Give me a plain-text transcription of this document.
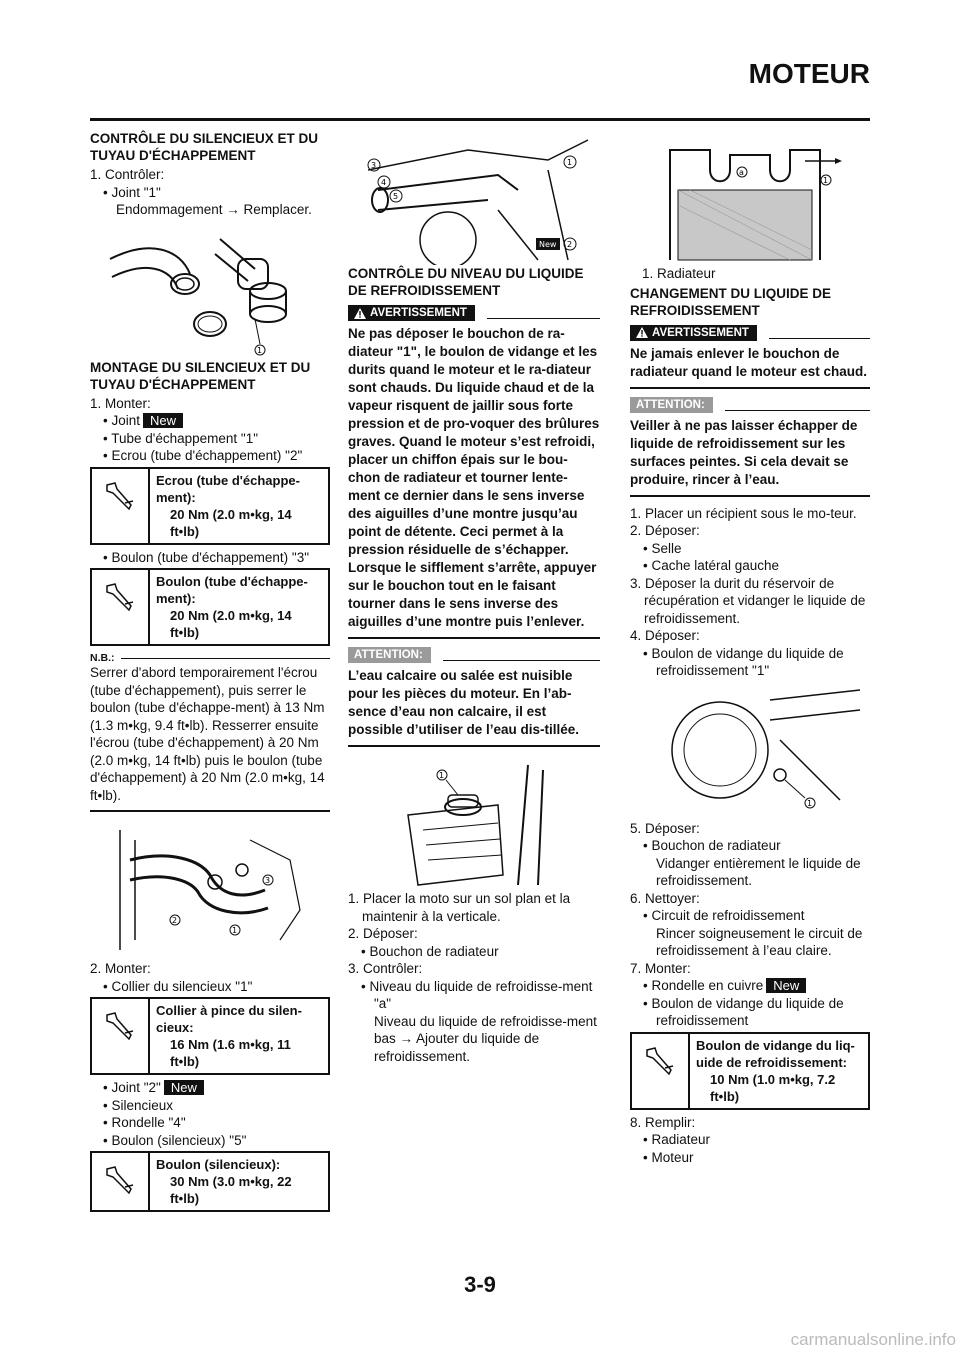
MOTEUR
CONTRÔLE DU SILENCIEUX ET DU TUYAU D'ÉCHAPPEMENT
1. Contrôler:
• Joint "1"
Endommagement → Remplacer.
1
MONTAGE DU SILENCIEUX ET DU TUYAU D'ÉCHAPPEMENT
1. Monter:
• Joint New
• Tube d'échappement "1"
• Ecrou (tube d'échappement) "2"
Ecrou (tube d'échappe-ment):
20 Nm (2.0 m•kg, 14 ft•lb)
• Boulon (tube d'échappement) "3"
Boulon (tube d'échappe-ment):
20 Nm (2.0 m•kg, 14 ft•lb)
N.B.:
Serrer d'abord temporairement l'écrou (tube d'échappement), puis serrer le boulon (tube d'échappe-ment) à 13 Nm (1.3 m•kg, 9.4 ft•lb). Resserrer ensuite l'écrou (tube d'échappement) à 20 Nm (2.0 m•kg, 14 ft•lb) puis le boulon (tube d'échappement) à 20 Nm (2.0 m•kg, 14 ft•lb).
3
2
1
2. Monter:
• Collier du silencieux "1"
Collier à pince du silen-cieux:
16 Nm (1.6 m•kg, 11 ft•lb)
• Joint "2" New
• Silencieux
• Rondelle "4"
• Boulon (silencieux) "5"
Boulon (silencieux):
30 Nm (3.0 m•kg, 22 ft•lb)
3
4
5
1
New 2
CONTRÔLE DU NIVEAU DU LIQUIDE DE REFROIDISSEMENT
AVERTISSEMENT
Ne pas déposer le bouchon de ra-diateur "1", le boulon de vidange et les durits quand le moteur et le ra-diateur sont chauds. Du liquide chaud et de la vapeur risquent de jaillir sous forte pression et de pro-voquer des brûlures graves. Quand le moteur s’est refroidi, placer un chiffon épais sur le bou-chon de radiateur et tourner lente-ment ce dernier dans le sens inverse des aiguilles d’une montre jusqu’au point de détente. Ceci permet à la pression résiduelle de s’échapper. Lorsque le sifflement s’arrête, appuyer sur le bouchon tout en le faisant tourner dans le sens inverse des aiguilles d’une montre puis l’enlever.
ATTENTION:
L’eau calcaire ou salée est nuisible pour les pièces du moteur. En l’ab-sence d’eau non calcaire, il est possible d’utiliser de l’eau dis-tillée.
1
1. Placer la moto sur un sol plan et la maintenir à la verticale.
2. Déposer:
• Bouchon de radiateur
3. Contrôler:
• Niveau du liquide de refroidisse-ment "a"
Niveau du liquide de refroidisse-ment bas → Ajouter du liquide de refroidissement.
a
1
1. Radiateur
CHANGEMENT DU LIQUIDE DE REFROIDISSEMENT
AVERTISSEMENT
Ne jamais enlever le bouchon de radiateur quand le moteur est chaud.
ATTENTION:
Veiller à ne pas laisser échapper de liquide de refroidissement sur les surfaces peintes. Si cela devait se produire, rincer à l’eau.
1. Placer un récipient sous le mo-teur.
2. Déposer:
• Selle
• Cache latéral gauche
3. Déposer la durit du réservoir de récupération et vidanger le liquide de refroidissement.
4. Déposer:
• Boulon de vidange du liquide de refroidissement "1"
1
5. Déposer:
• Bouchon de radiateur
Vidanger entièrement le liquide de refroidissement.
6. Nettoyer:
• Circuit de refroidissement
Rincer soigneusement le circuit de refroidissement à l’eau claire.
7. Monter:
• Rondelle en cuivre New
• Boulon de vidange du liquide de refroidissement
Boulon de vidange du liq-uide de refroidissement:
10 Nm (1.0 m•kg, 7.2 ft•lb)
8. Remplir:
• Radiateur
• Moteur
3-9
carmanualsonline.info
